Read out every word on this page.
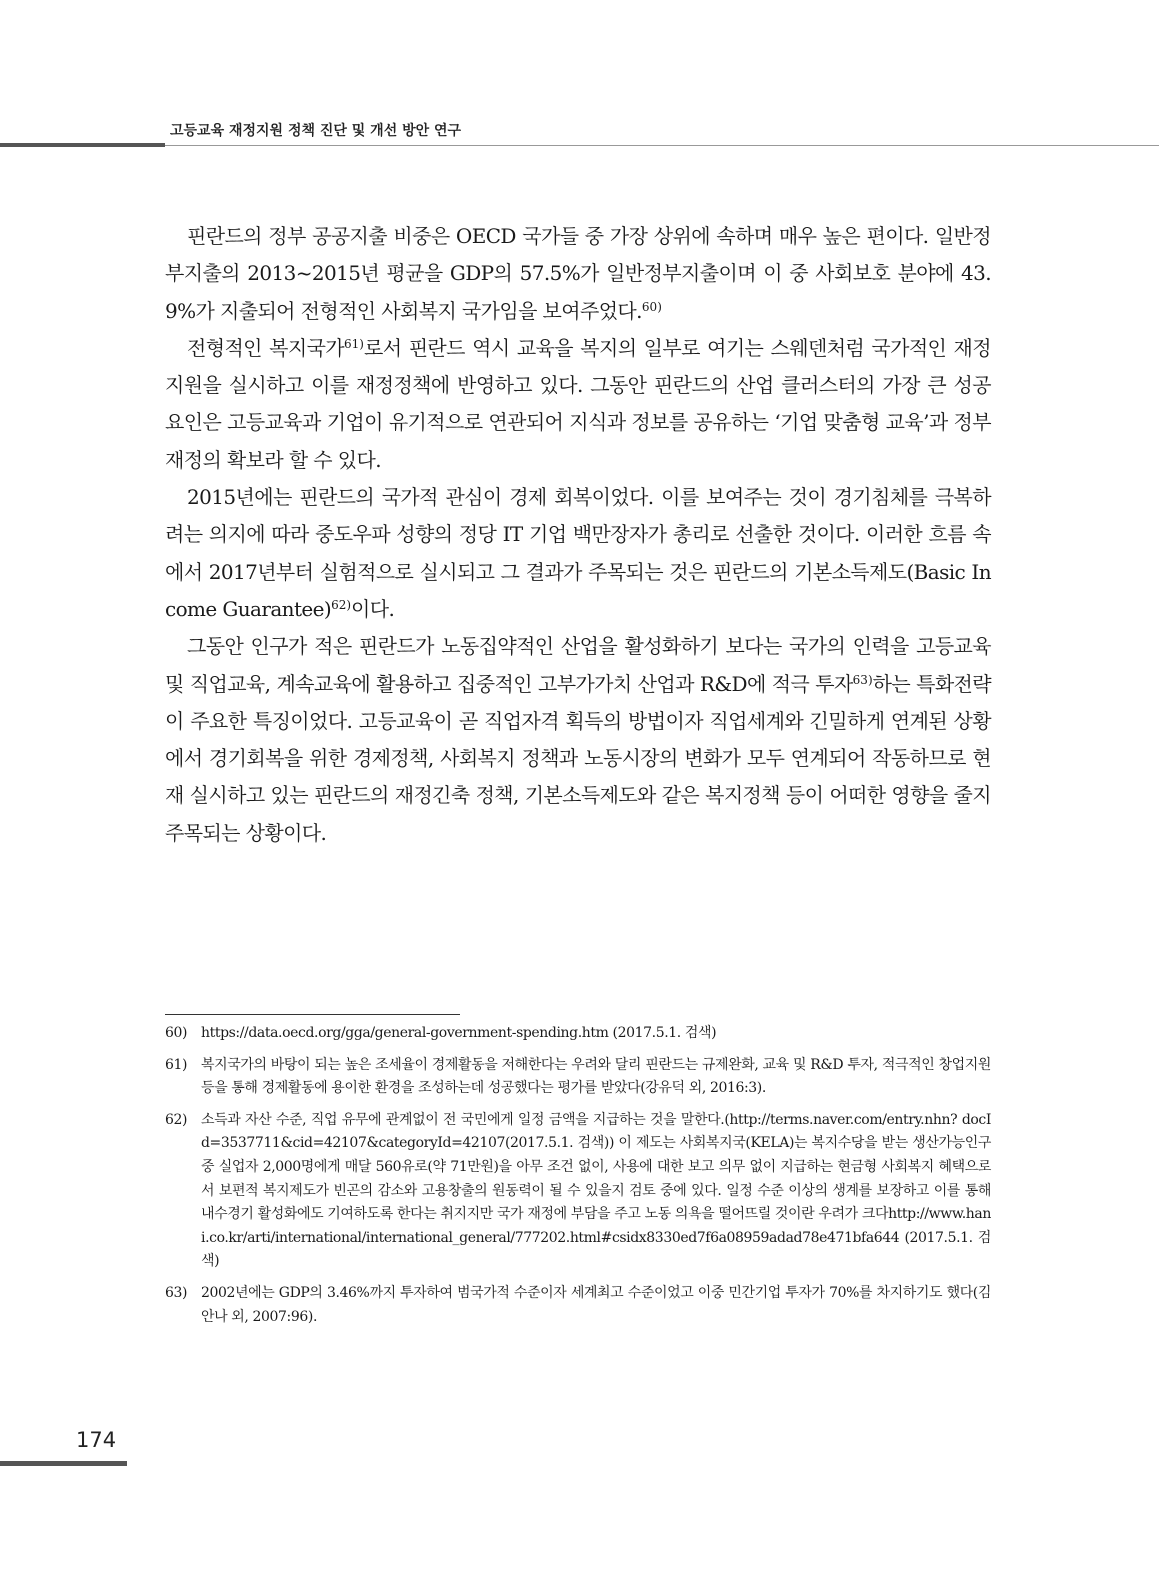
고등교육 재정지원 정책 진단 및 개선 방안 연구

핀란드의 정부 공공지출 비중은 OECD 국가들 중 가장 상위에 속하며 매우 높은 편이다. 일반정부지출의 2013~2015년 평균을 GDP의 57.5%가 일반정부지출이며 이 중 사회보호 분야에 43.9%가 지출되어 전형적인 사회복지 국가임을 보여주었다.$^{60)}$

전형적인 복지국가$^{61)}$로서 핀란드 역시 교육을 복지의 일부로 여기는 스웨덴처럼 국가적인 재정지원을 실시하고 이를 재정정책에 반영하고 있다. 그동안 핀란드의 산업 클러스터의 가장 큰 성공 요인은 고등교육과 기업이 유기적으로 연관되어 지식과 정보를 공유하는 ‘기업 맞춤형 교육’과 정부 재정의 확보라 할 수 있다.

2015년에는 핀란드의 국가적 관심이 경제 회복이었다. 이를 보여주는 것이 경기침체를 극복하려는 의지에 따라 중도우파 성향의 정당 IT 기업 백만장자가 총리로 선출한 것이다. 이러한 흐름 속에서 2017년부터 실험적으로 실시되고 그 결과가 주목되는 것은 핀란드의 기본소득제도(Basic Income Guarantee)$^{62)}$이다.

그동안 인구가 적은 핀란드가 노동집약적인 산업을 활성화하기 보다는 국가의 인력을 고등교육 및 직업교육, 계속교육에 활용하고 집중적인 고부가가치 산업과 R&D에 적극 투자$^{63)}$하는 특화전략이 주요한 특징이었다. 고등교육이 곧 직업자격 획득의 방법이자 직업세계와 긴밀하게 연계된 상황에서 경기회복을 위한 경제정책, 사회복지 정책과 노동시장의 변화가 모두 연계되어 작동하므로 현재 실시하고 있는 핀란드의 재정긴축 정책, 기본소득제도와 같은 복지정책 등이 어떠한 영향을 줄지 주목되는 상황이다.

60) https://data.oecd.org/gga/general-government-spending.htm (2017.5.1. 검색)
61) 복지국가의 바탕이 되는 높은 조세율이 경제활동을 저해한다는 우려와 달리 핀란드는 규제완화, 교육 및 R&D 투자, 적극적인 창업지원 등을 통해 경제활동에 용이한 환경을 조성하는데 성공했다는 평가를 받았다(강유덕 외, 2016:3).
62) 소득과 자산 수준, 직업 유무에 관계없이 전 국민에게 일정 금액을 지급하는 것을 말한다.(http://terms.naver.com/entry.nhn? docId=3537711&cid=42107&categoryId=42107(2017.5.1. 검색)) 이 제도는 사회복지국(KELA)는 복지수당을 받는 생산가능인구 중 실업자 2,000명에게 매달 560유로(약 71만원)을 아무 조건 없이, 사용에 대한 보고 의무 없이 지급하는 현금형 사회복지 혜택으로서 보편적 복지제도가 빈곤의 감소와 고용창출의 원동력이 될 수 있을지 검토 중에 있다. 일정 수준 이상의 생계를 보장하고 이를 통해 내수경기 활성화에도 기여하도록 한다는 취지지만 국가 재정에 부담을 주고 노동 의욕을 떨어뜨릴 것이란 우려가 크다http://www.hani.co.kr/arti/international/international_general/777202.html#csidx8330ed7f6a08959adad78e471bfa644 (2017.5.1. 검색)
63) 2002년에는 GDP의 3.46%까지 투자하여 범국가적 수준이자 세계최고 수준이었고 이중 민간기업 투자가 70%를 차지하기도 했다(김안나 외, 2007:96).
174
